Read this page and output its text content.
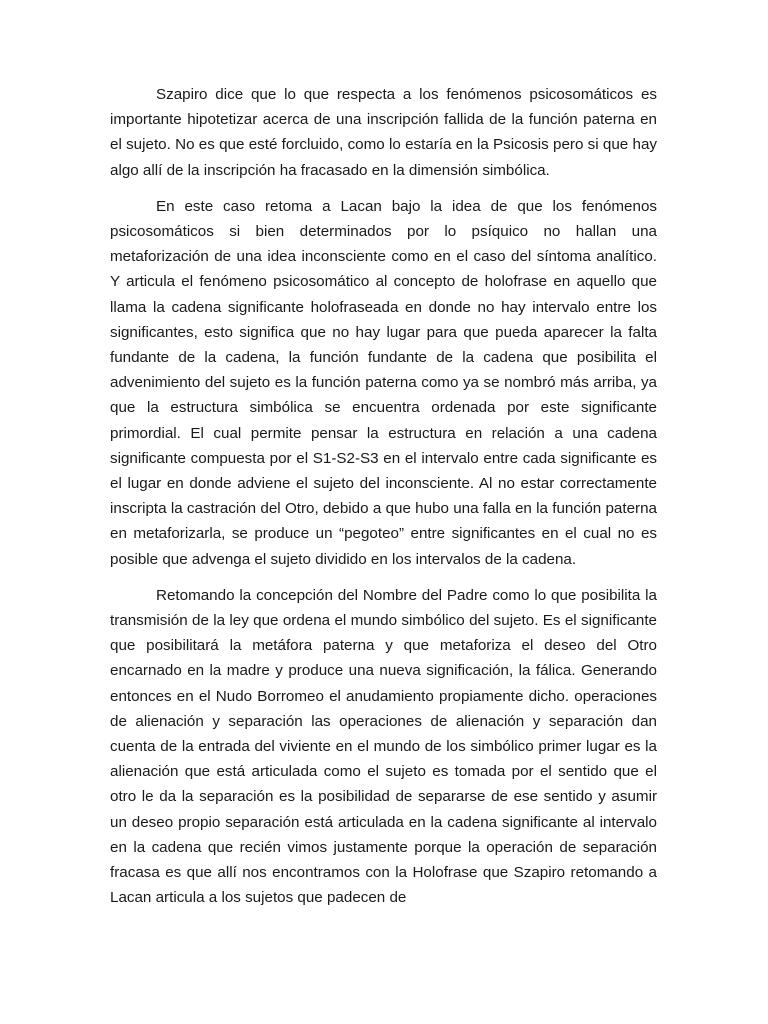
Szapiro dice que lo que respecta a los fenómenos psicosomáticos es importante hipotetizar acerca de una inscripción fallida de la función paterna en el sujeto. No es que esté forcluido, como lo estaría en la Psicosis pero si que hay algo allí de la inscripción ha fracasado en la dimensión simbólica.

En este caso retoma a Lacan bajo la idea de que los fenómenos psicosomáticos si bien determinados por lo psíquico no hallan una metaforización de una idea inconsciente como en el caso del síntoma analítico. Y articula el fenómeno psicosomático al concepto de holofrase en aquello que llama la cadena significante holofraseada en donde no hay intervalo entre los significantes, esto significa que no hay lugar para que pueda aparecer la falta fundante de la cadena, la función fundante de la cadena que posibilita el advenimiento del sujeto es la función paterna como ya se nombró más arriba, ya que la estructura simbólica se encuentra ordenada por este significante primordial. El cual permite pensar la estructura en relación a una cadena significante compuesta por el S1-S2-S3 en el intervalo entre cada significante es el lugar en donde adviene el sujeto del inconsciente. Al no estar correctamente inscripta la castración del Otro, debido a que hubo una falla en la función paterna en metaforizarla, se produce un “pegoteo” entre significantes en el cual no es posible que advenga el sujeto dividido en los intervalos de la cadena.

Retomando la concepción del Nombre del Padre como lo que posibilita la transmisión de la ley que ordena el mundo simbólico del sujeto. Es el significante que posibilitará la metáfora paterna y que metaforiza el deseo del Otro encarnado en la madre y produce una nueva significación, la fálica. Generando entonces en el Nudo Borromeo el anudamiento propiamente dicho. operaciones de alienación y separación las operaciones de alienación y separación dan cuenta de la entrada del viviente en el mundo de los simbólico primer lugar es la alienación que está articulada como el sujeto es tomada por el sentido que el otro le da la separación es la posibilidad de separarse de ese sentido y asumir un deseo propio separación está articulada en la cadena significante al intervalo en la cadena que recién vimos justamente porque la operación de separación fracasa es que allí nos encontramos con la Holofrase que Szapiro retomando a Lacan articula a los sujetos que padecen de
